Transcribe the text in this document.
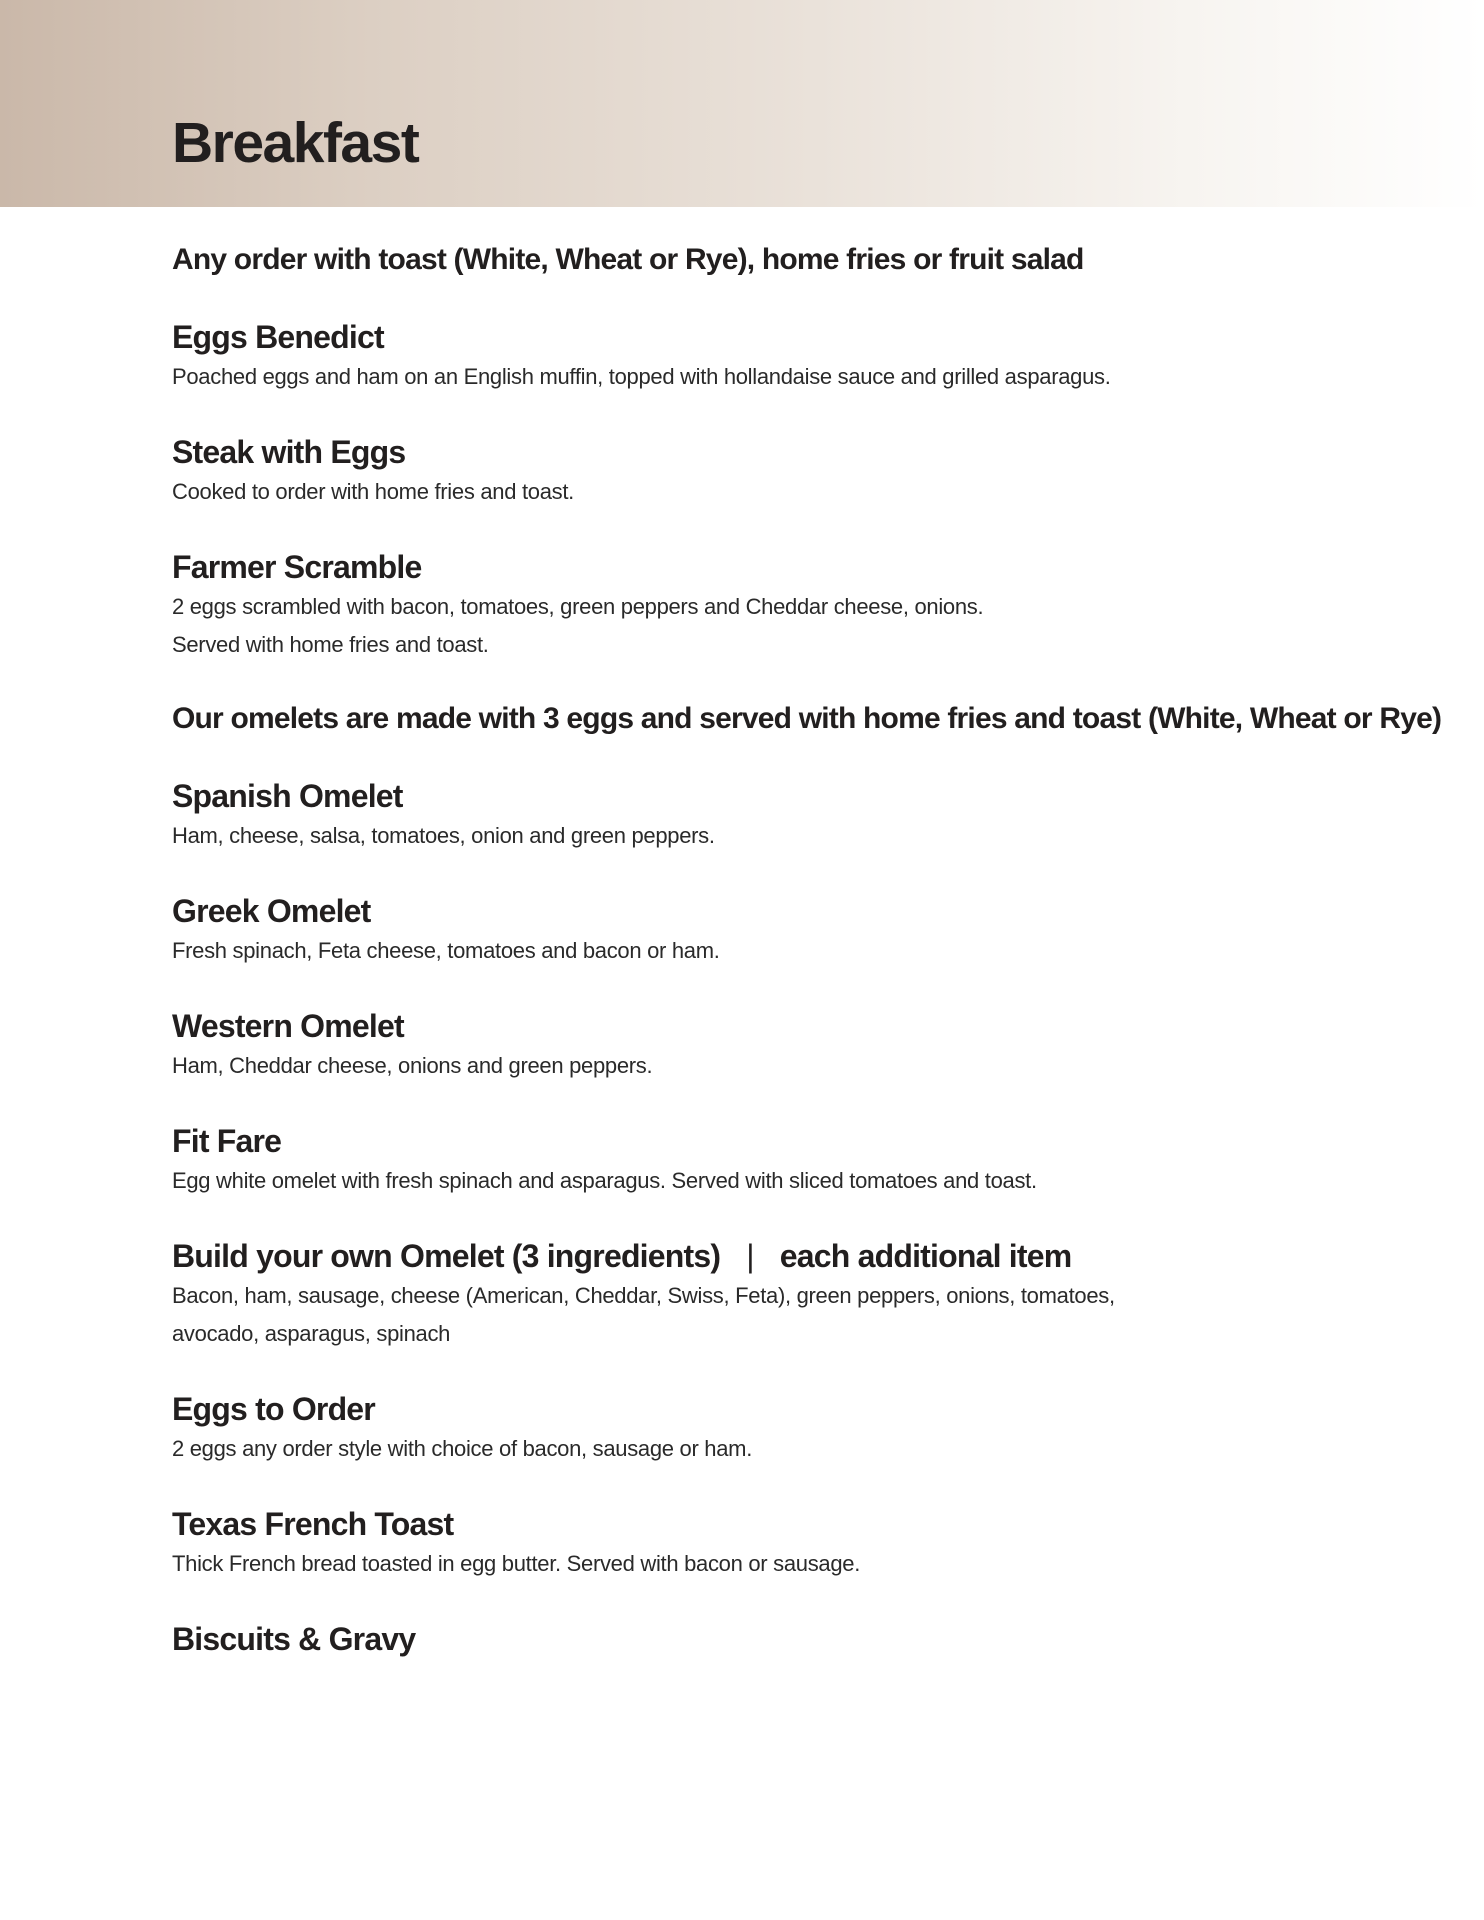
Breakfast
Any order with toast (White, Wheat or Rye), home fries or fruit salad
Eggs Benedict

Poached eggs and ham on an English muffin, topped with hollandaise sauce and grilled asparagus.

Steak with Eggs

Cooked to order with home fries and toast.

Farmer Scramble

2 eggs scrambled with bacon, tomatoes, green peppers and Cheddar cheese, onions.

Served with home fries and toast.

Our omelets are made with 3 eggs and served with home fries and toast (White, Wheat or Rye)
Spanish Omelet

Ham, cheese, salsa, tomatoes, onion and green peppers.

Greek Omelet

Fresh spinach, Feta cheese, tomatoes and bacon or ham.

Western Omelet

Ham, Cheddar cheese, onions and green peppers.

Fit Fare

Egg white omelet with fresh spinach and asparagus. Served with sliced tomatoes and toast.

Build your own Omelet (3 ingredients) | each additional item

Bacon, ham, sausage, cheese (American, Cheddar, Swiss, Feta), green peppers, onions, tomatoes,

avocado, asparagus, spinach

Eggs to Order

2 eggs any order style with choice of bacon, sausage or ham.

Texas French Toast

Thick French bread toasted in egg butter. Served with bacon or sausage.

Biscuits & Gravy
